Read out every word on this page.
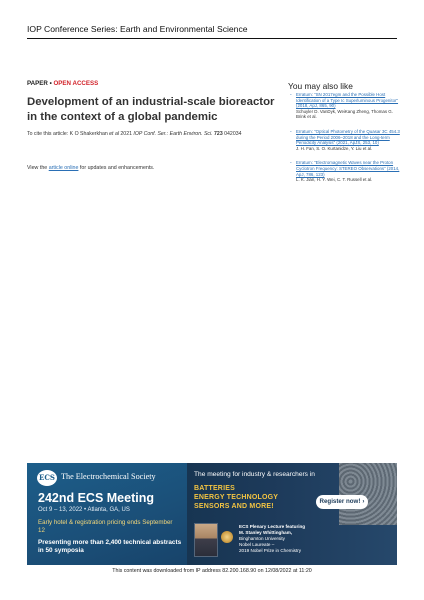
IOP Conference Series: Earth and Environmental Science
PAPER • OPEN ACCESS
Development of an industrial-scale bioreactor in the context of a global pandemic
To cite this article: K O Shakerkhan et al 2021 IOP Conf. Ser.: Earth Environ. Sci. 723 042034
View the article online for updates and enhancements.
You may also like
- Erratum: "SN 2017egm and the Possible Host Identification of a Type Ic Superluminous Progenitor" (2018, ApJ, 865, 90)
Schuyler D. VanDyk, WeiKang Zheng, Thomas G. Brink et al.
- Erratum: "Optical Photometry of the Quasar 3C 454.3 during the Period 2006–2018 and the Long-term Periodicity Analysis" (2021, ApJS, 253, 10)
J. H. Fan, S. O. Kurtanidze, Y. Liu et al.
- Erratum: "Electromagnetic Waves near the Proton Cyclotron Frequency: STEREO Observations" (2014, ApJ, 786, 123)
L. K. Jian, H. Y. Wei, C. T. Russell et al.
ECS The Electrochemical Society
242nd ECS Meeting
Oct 9 – 13, 2022 • Atlanta, GA, US
Early hotel & registration pricing ends September 12
Presenting more than 2,400 technical abstracts in 50 symposia
The meeting for industry & researchers in
BATTERIES
ENERGY TECHNOLOGY
SENSORS AND MORE!
Register now! ›
ECS Plenary Lecture featuring
M. Stanley Whittingham,
Binghamton University
Nobel Laureate –
2019 Nobel Prize in Chemistry
This content was downloaded from IP address 82.200.168.90 on 12/08/2022 at 11:20
